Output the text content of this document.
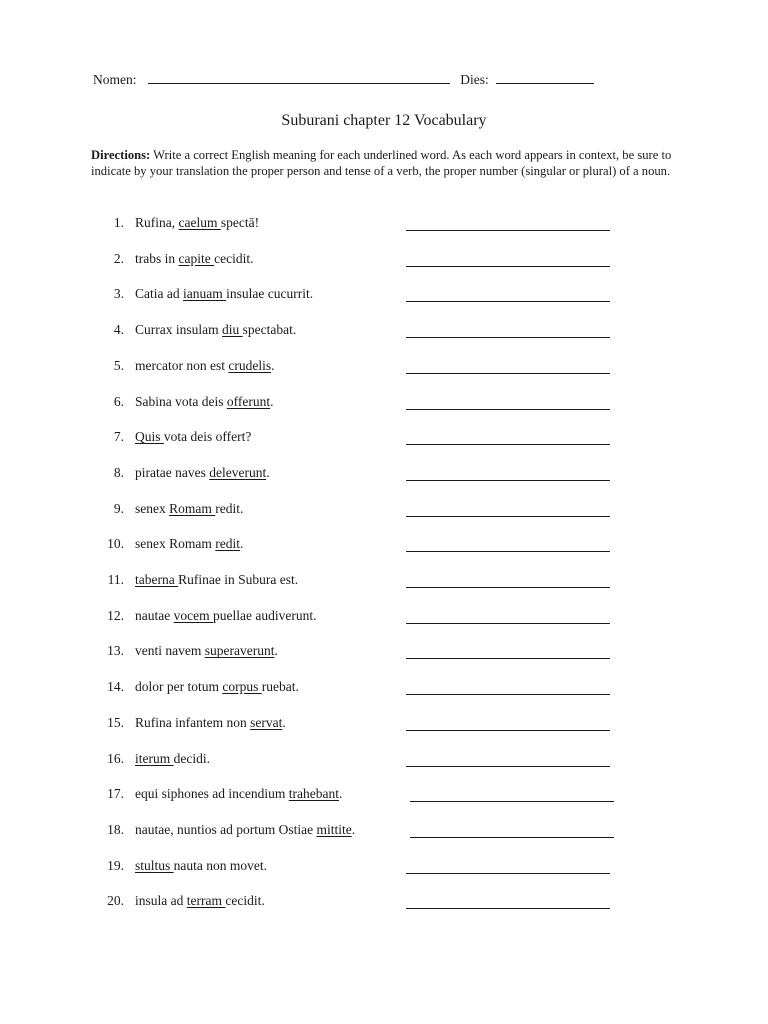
Nomen:	Dies:
Suburani chapter 12 Vocabulary
Directions: Write a correct English meaning for each underlined word. As each word appears in context, be sure to indicate by your translation the proper person and tense of a verb, the proper number (singular or plural) of a noun.
1. Rufina, caelum spectā!
2. trabs in capite cecidit.
3. Catia ad ianuam insulae cucurrit.
4. Currax insulam diu spectabat.
5. mercator non est crudelis.
6. Sabina vota deis offerunt.
7. Quis vota deis offert?
8. piratae naves deleverunt.
9. senex Romam redit.
10. senex Romam redit.
11. taberna Rufinae in Subura est.
12. nautae vocem puellae audiverunt.
13. venti navem superaverunt.
14. dolor per totum corpus ruebat.
15. Rufina infantem non servat.
16. iterum decidi.
17. equi siphones ad incendium trahebant.
18. nautae, nuntios ad portum Ostiae mittite.
19. stultus nauta non movet.
20. insula ad terram cecidit.
